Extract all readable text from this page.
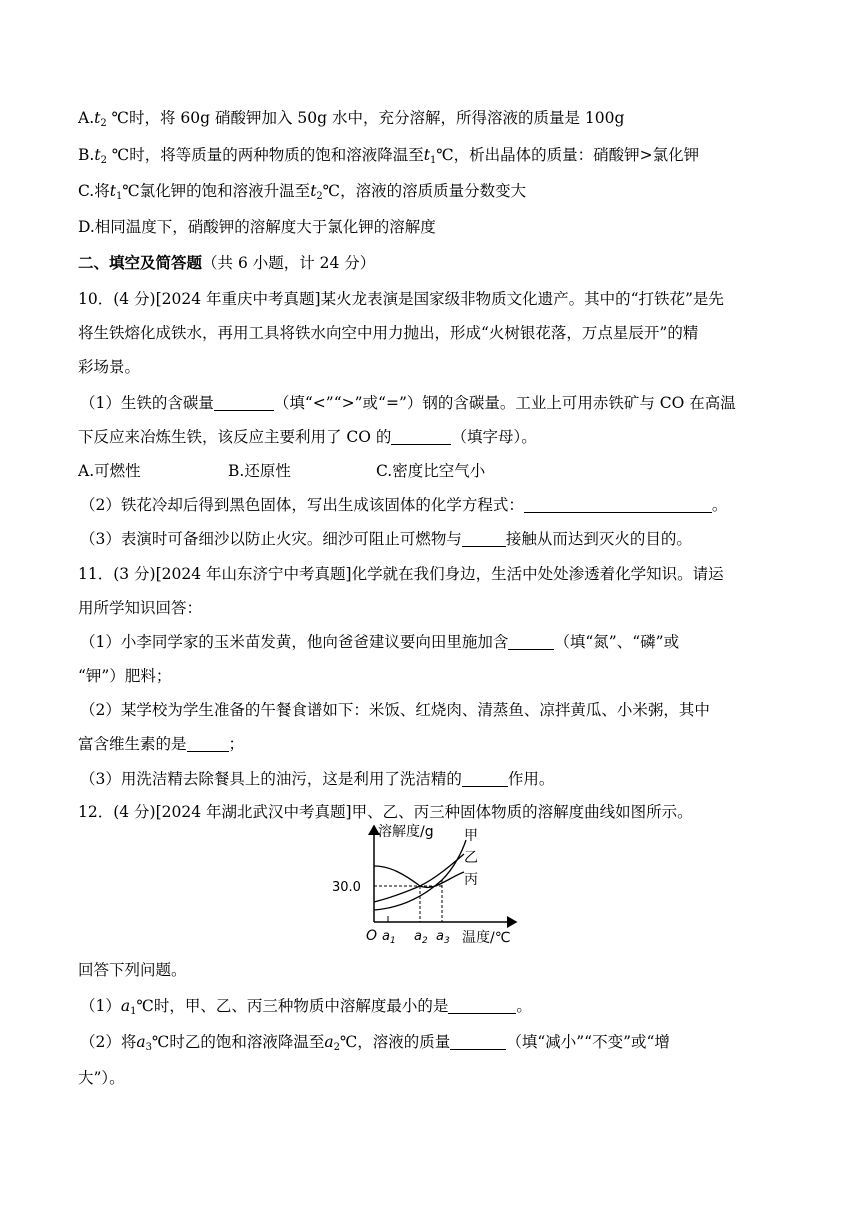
$A.t_2$ ℃时，将 60g 硝酸钾加入 50g 水中，充分溶解，所得溶液的质量是 100g
$B.t_2$ ℃时，将等质量的两种物质的饱和溶液降温至$t_1℃$，析出晶体的质量：硝酸钾>氯化钾
C.将$t_1℃$氯化钾的饱和溶液升温至$t_2℃$，溶液的溶质质量分数变大
D.相同温度下，硝酸钾的溶解度大于氯化钾的溶解度
二、填空及简答题（共 6 小题，计 24 分）
10．(4 分)[2024 年重庆中考真题]某火龙表演是国家级非物质文化遗产。其中的“打铁花”是先
将生铁熔化成铁水，再用工具将铁水向空中用力抛出，形成“火树银花落，万点星辰开”的精
彩场景。
（1）生铁的含碳量	（填“<”“>”或“=”）钢的含碳量。工业上可用赤铁矿与 CO 在高温
下反应来冶炼生铁，该反应主要利用了 CO 的	（填字母）。
A.可燃性	B.还原性	C.密度比空气小
（2）铁花冷却后得到黑色固体，写出生成该固体的化学方程式：	。
（3）表演时可备细沙以防止火灾。细沙可阻止可燃物与	接触从而达到灭火的目的。
11．(3 分)[2024 年山东济宁中考真题]化学就在我们身边，生活中处处渗透着化学知识。请运
用所学知识回答：
（1）小李同学家的玉米苗发黄，他向爸爸建议要向田里施加含	（填“氮”、“磷”或
“钾”）肥料；
（2）某学校为学生准备的午餐食谱如下：米饭、红烧肉、清蒸鱼、凉拌黄瓜、小米粥，其中
富含维生素的是	；
（3）用洗洁精去除餐具上的油污，这是利用了洗洁精的	作用。
12．(4 分)[2024 年湖北武汉中考真题]甲、乙、丙三种固体物质的溶解度曲线如图所示。
溶解度/g 甲
乙
丙
30.0
O $a_1$ $a_2$ $a_3$ 温度/℃
回答下列问题。
$(1)a_1℃$时，甲、乙、丙三种物质中溶解度最小的是	。
（2）将$a_3℃$时乙的饱和溶液降温至$a_2℃$，溶液的质量	（填“减小”“不变”或“增
大”）。
